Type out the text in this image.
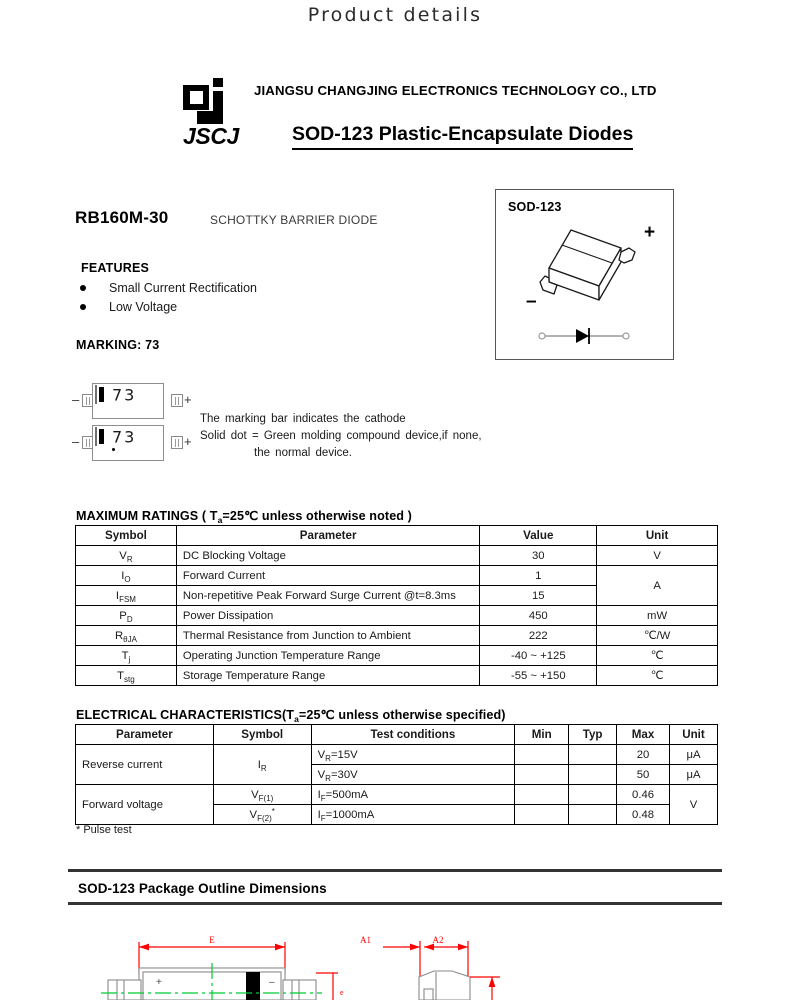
Product details
JSCJ
JIANGSU CHANGJING ELECTRONICS TECHNOLOGY CO., LTD
SOD-123 Plastic-Encapsulate Diodes
RB160M-30	SCHOTTKY BARRIER DIODE
FEATURES
Small Current Rectification
Low Voltage
MARKING: 73
SOD-123
+
–
– 73	+
– 73	+
The marking bar indicates the cathode
Solid dot = Green molding compound device,if none,
the normal device.
MAXIMUM RATINGS ( $T_a=25℃$ unless otherwise noted )
Symbol	Parameter	Value	Unit
$V_R$	DC Blocking Voltage	30	V
$I_O$	Forward Current	1	A
$I_{FSM}$	Non-repetitive Peak Forward Surge Current @t=8.3ms	15	
$P_D$	Power Dissipation	450	mW
$R_{\theta JA}$	Thermal Resistance from Junction to Ambient	222	℃/W
$T_j$	Operating Junction Temperature Range	-40 ~ +125	℃
$T_{stg}$	Storage Temperature Range	-55 ~ +150	℃
ELECTRICAL $CHARACTERISTICS(T_a=25℃$ unless otherwise specified)
Parameter	Symbol	Test conditions	Min	Typ	Max	Unit
Reverse current	$I_R$	$V_R=15V$			20	μA
		$V_R=30V$			50	μA
Forward voltage	$V_{F(1)}$	$I_F=500mA$			0.46	V
	$V_{F(2)}^*$	$I_F=1000mA$			0.48	
* Pulse test
SOD-123 Package Outline Dimensions
E
+	–
e
A1	A2
